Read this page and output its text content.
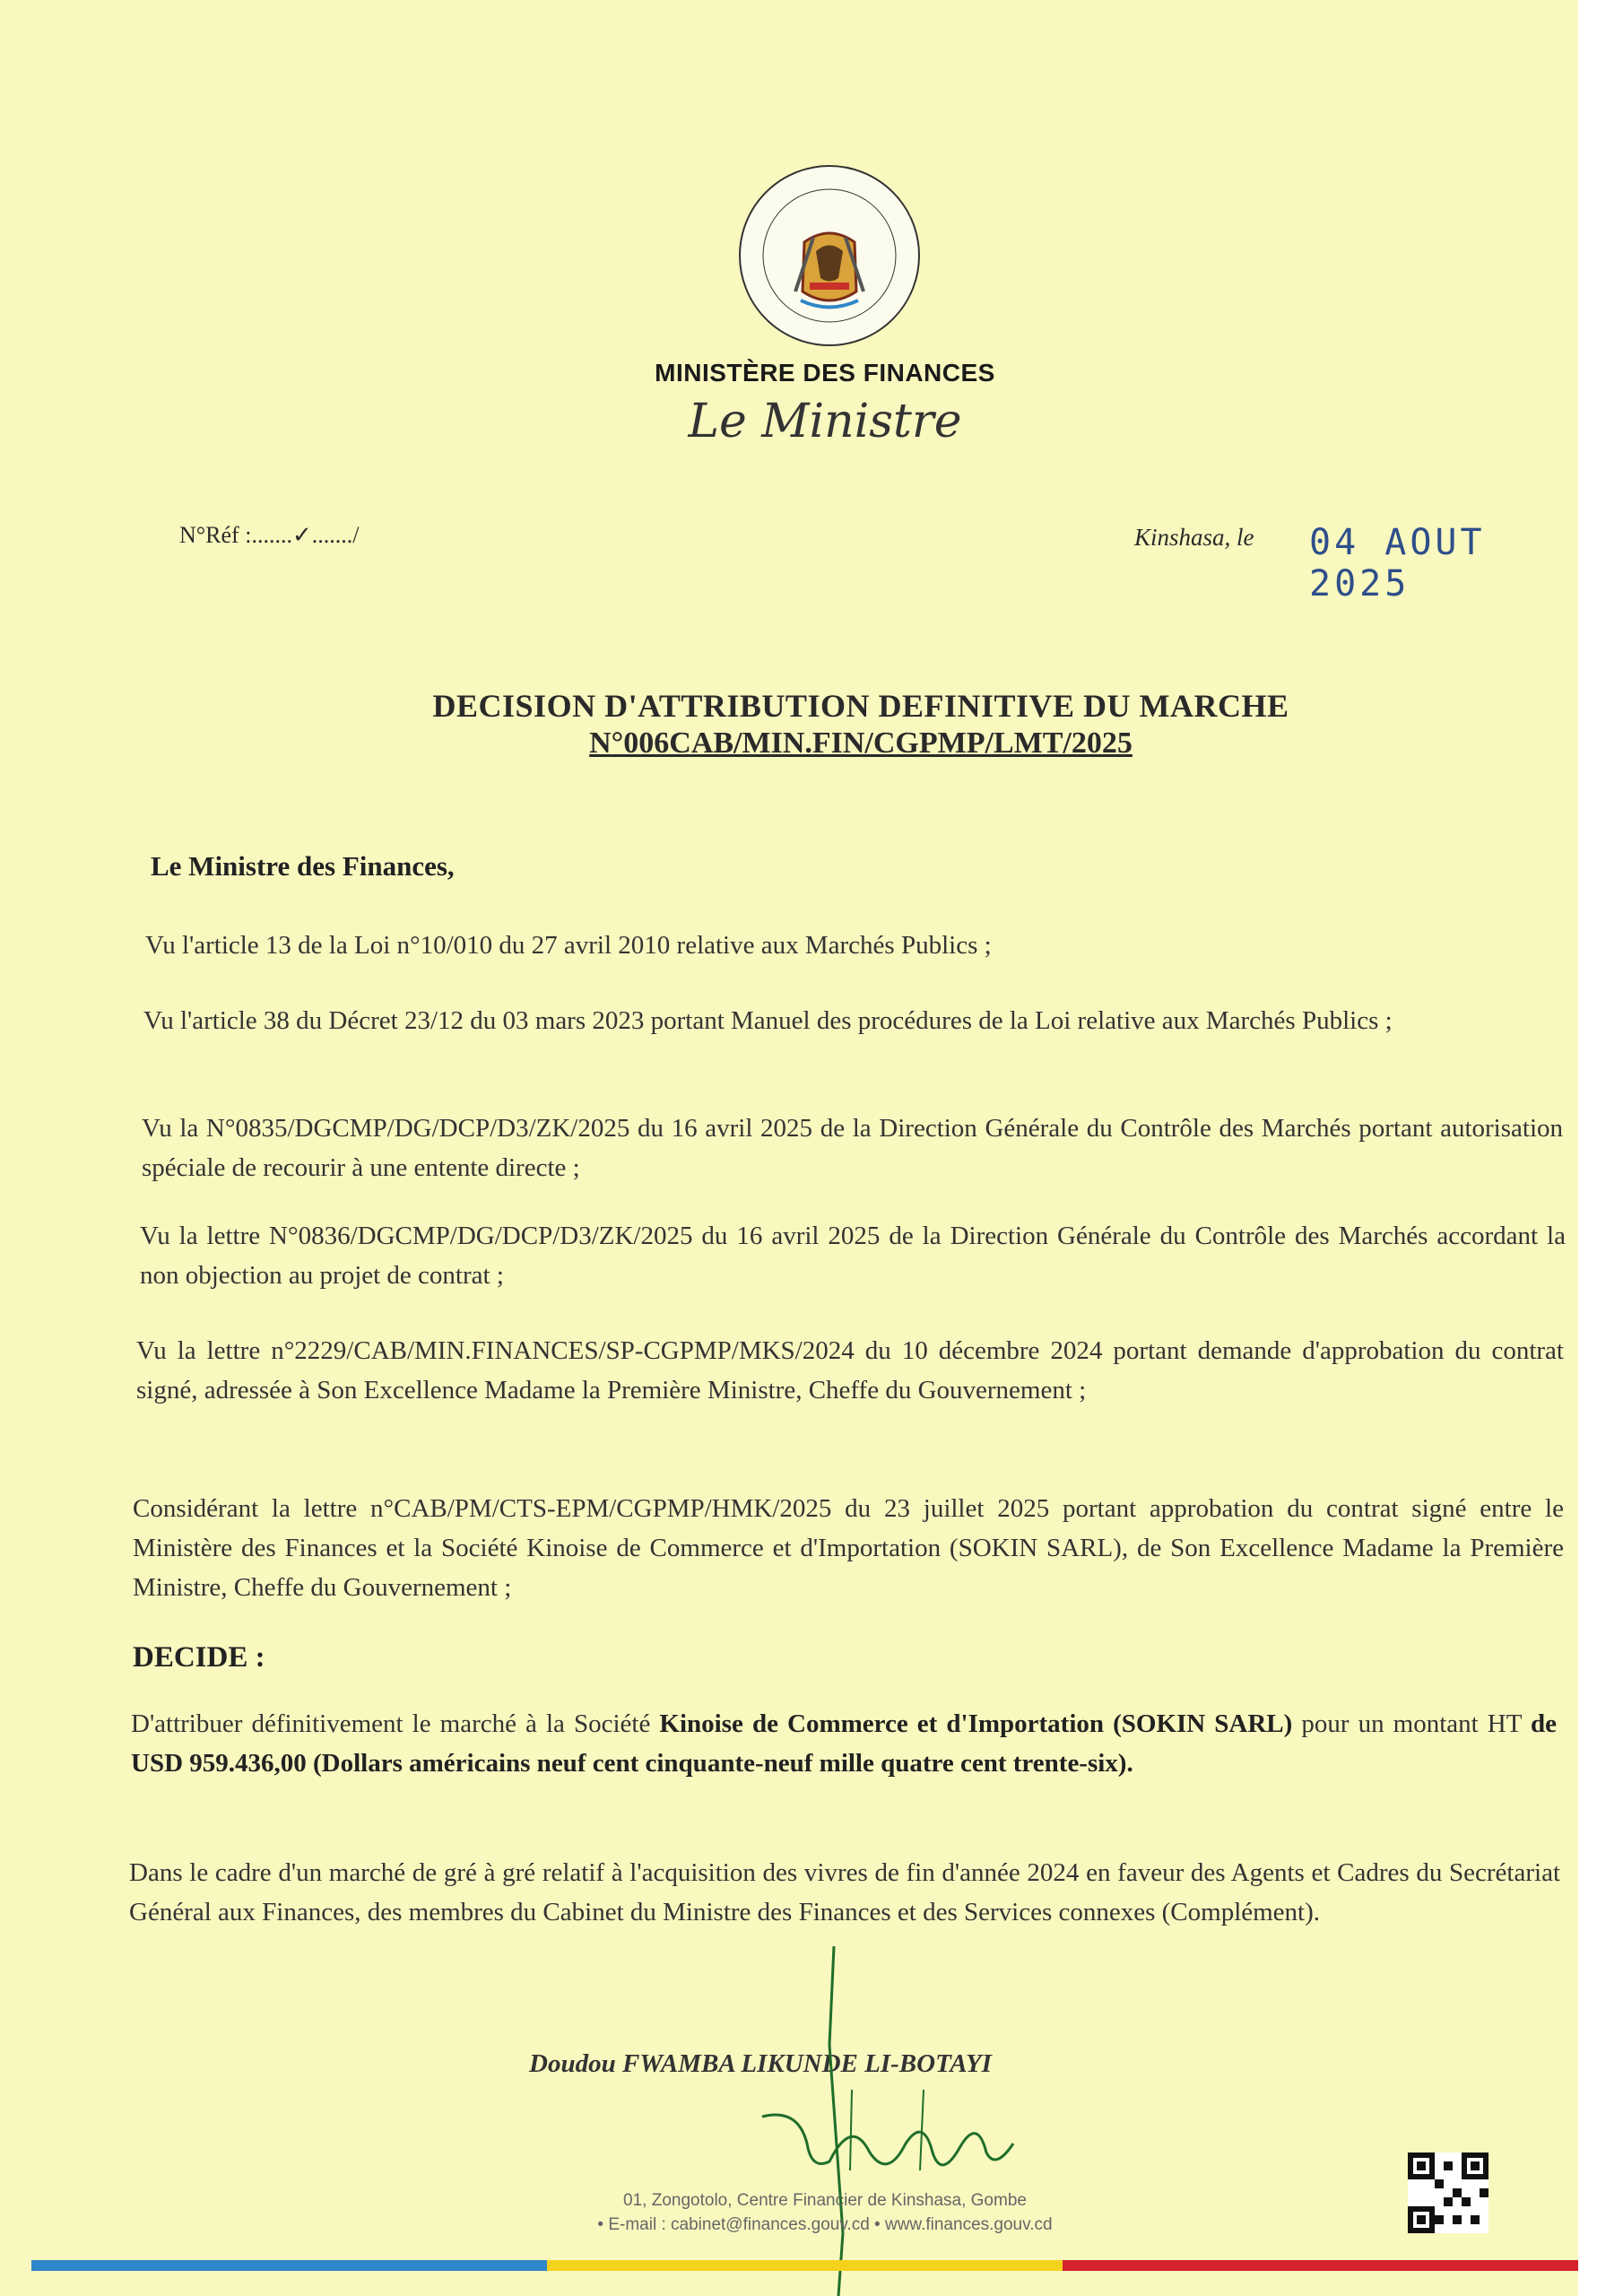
MINISTÈRE DES FINANCES
Le Ministre
N°Réf :.......✓......./	Kinshasa, le 04 AOUT 2025
DECISION D'ATTRIBUTION DEFINITIVE DU MARCHE
N°006CAB/MIN.FIN/CGPMP/LMT/2025
Le Ministre des Finances,
Vu l'article 13 de la Loi n°10/010 du 27 avril 2010 relative aux Marchés Publics ;
Vu l'article 38 du Décret 23/12 du 03 mars 2023 portant Manuel des procédures de la Loi relative aux Marchés Publics ;
Vu la N°0835/DGCMP/DG/DCP/D3/ZK/2025 du 16 avril 2025 de la Direction Générale du Contrôle des Marchés portant autorisation spéciale de recourir à une entente directe ;
Vu la lettre N°0836/DGCMP/DG/DCP/D3/ZK/2025 du 16 avril 2025 de la Direction Générale du Contrôle des Marchés accordant la non objection au projet de contrat ;
Vu la lettre n°2229/CAB/MIN.FINANCES/SP-CGPMP/MKS/2024 du 10 décembre 2024 portant demande d'approbation du contrat signé, adressée à Son Excellence Madame la Première Ministre, Cheffe du Gouvernement ;
Considérant la lettre n°CAB/PM/CTS-EPM/CGPMP/HMK/2025 du 23 juillet 2025 portant approbation du contrat signé entre le Ministère des Finances et la Société Kinoise de Commerce et d'Importation (SOKIN SARL), de Son Excellence Madame la Première Ministre, Cheffe du Gouvernement ;
DECIDE :
D'attribuer définitivement le marché à la Société Kinoise de Commerce et d'Importation (SOKIN SARL) pour un montant HT de USD 959.436,00 (Dollars américains neuf cent cinquante-neuf mille quatre cent trente-six).
Dans le cadre d'un marché de gré à gré relatif à l'acquisition des vivres de fin d'année 2024 en faveur des Agents et Cadres du Secrétariat Général aux Finances, des membres du Cabinet du Ministre des Finances et des Services connexes (Complément).
Doudou FWAMBA LIKUNDE LI-BOTAYI
01, Zongotolo, Centre Financier de Kinshasa, Gombe
• E-mail : cabinet@finances.gouv.cd • www.finances.gouv.cd
